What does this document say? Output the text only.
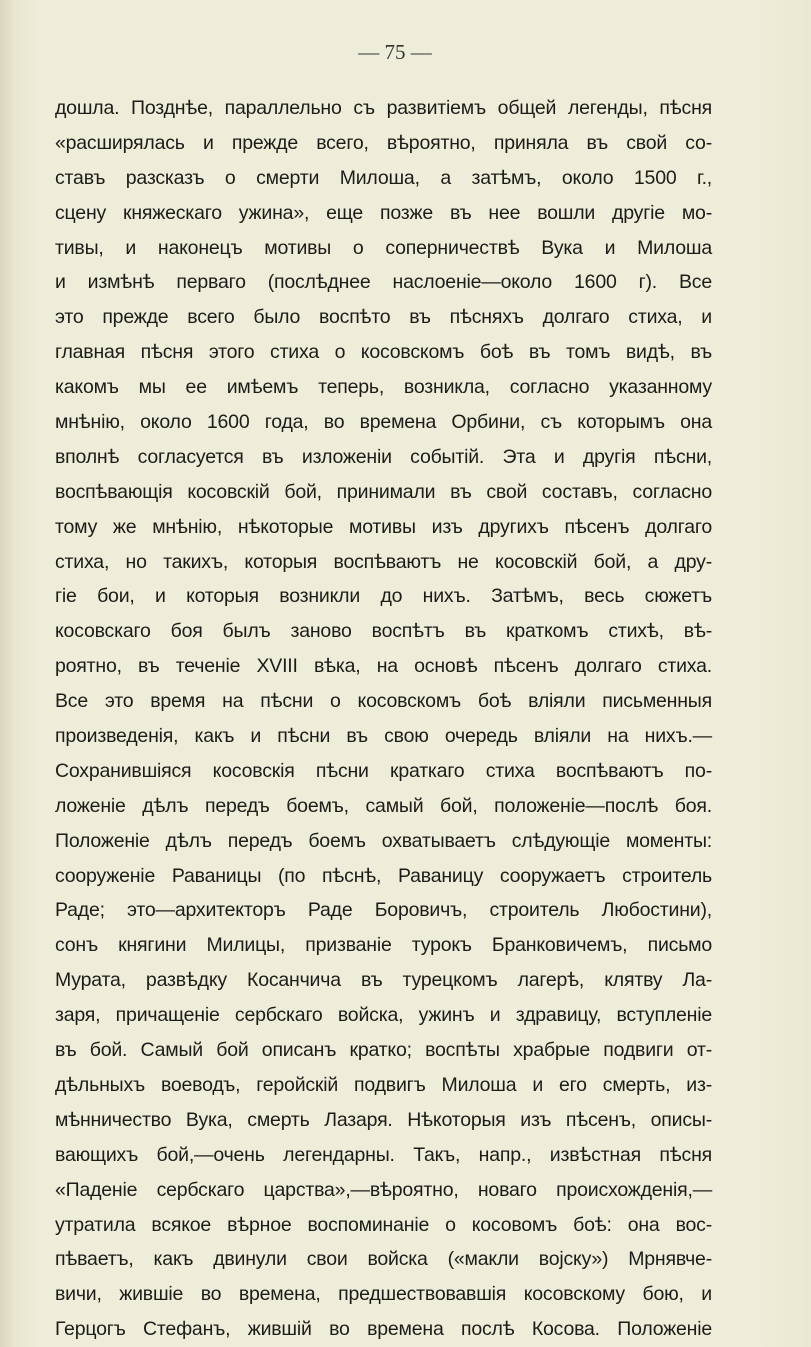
— 75 —
дошла. Позднѣе, параллельно съ развитіемъ общей легенды, пѣсня
«расширялась и прежде всего, вѣроятно, приняла въ свой со-
ставъ разсказъ о смерти Милоша, а затѣмъ, около 1500 г.,
сцену княжескаго ужина», еще позже въ нее вошли другіе мо-
тивы, и наконецъ мотивы о соперничествѣ Вука и Милоша
и измѣнѣ перваго (послѣднее наслоеніе—около 1600 г). Все
это прежде всего было воспѣто въ пѣсняхъ долгаго стиха, и
главная пѣсня этого стиха о косовскомъ боѣ въ томъ видѣ, въ
какомъ мы ее имѣемъ теперь, возникла, согласно указанному
мнѣнію, около 1600 года, во времена Орбини, съ которымъ она
вполнѣ согласуется въ изложеніи событій. Эта и другія пѣсни,
воспѣвающія косовскій бой, принимали въ свой составъ, согласно
тому же мнѣнію, нѣкоторые мотивы изъ другихъ пѣсенъ долгаго
стиха, но такихъ, которыя воспѣваютъ не косовскій бой, а дру-
гіе бои, и которыя возникли до нихъ. Затѣмъ, весь сюжетъ
косовскаго боя былъ заново воспѣтъ въ краткомъ стихѣ, вѣ-
роятно, въ теченіе XVIII вѣка, на основѣ пѣсенъ долгаго стиха.
Все это время на пѣсни о косовскомъ боѣ вліяли письменныя
произведенія, какъ и пѣсни въ свою очередь вліяли на нихъ.—
Сохранившіяся косовскія пѣсни краткаго стиха воспѣваютъ по-
ложеніе дѣлъ передъ боемъ, самый бой, положеніе—послѣ боя.
Положеніе дѣлъ передъ боемъ охватываетъ слѣдующіе моменты:
сооруженіе Раваницы (по пѣснѣ, Раваницу сооружаетъ строитель
Раде; это—архитекторъ Раде Боровичъ, строитель Любостини),
сонъ княгини Милицы, призваніе турокъ Бранковичемъ, письмо
Мурата, развѣдку Косанчича въ турецкомъ лагерѣ, клятву Ла-
заря, причащеніе сербскаго войска, ужинъ и здравицу, вступленіе
въ бой. Самый бой описанъ кратко; воспѣты храбрые подвиги от-
дѣльныхъ воеводъ, геройскій подвигъ Милоша и его смерть, из-
мѣнничество Вука, смерть Лазаря. Нѣкоторыя изъ пѣсенъ, описы-
вающихъ бой,—очень легендарны. Такъ, напр., извѣстная пѣсня
«Паденіе сербскаго царства»,—вѣроятно, новаго происхожденія,—
утратила всякое вѣрное воспоминаніе о косовомъ боѣ: она вос-
пѣваетъ, какъ двинули свои войска («макли војску») Мрнявче-
вичи, жившіе во времена, предшествовавшія косовскому бою, и
Герцогъ Стефанъ, жившій во времена послѣ Косова. Положеніе
